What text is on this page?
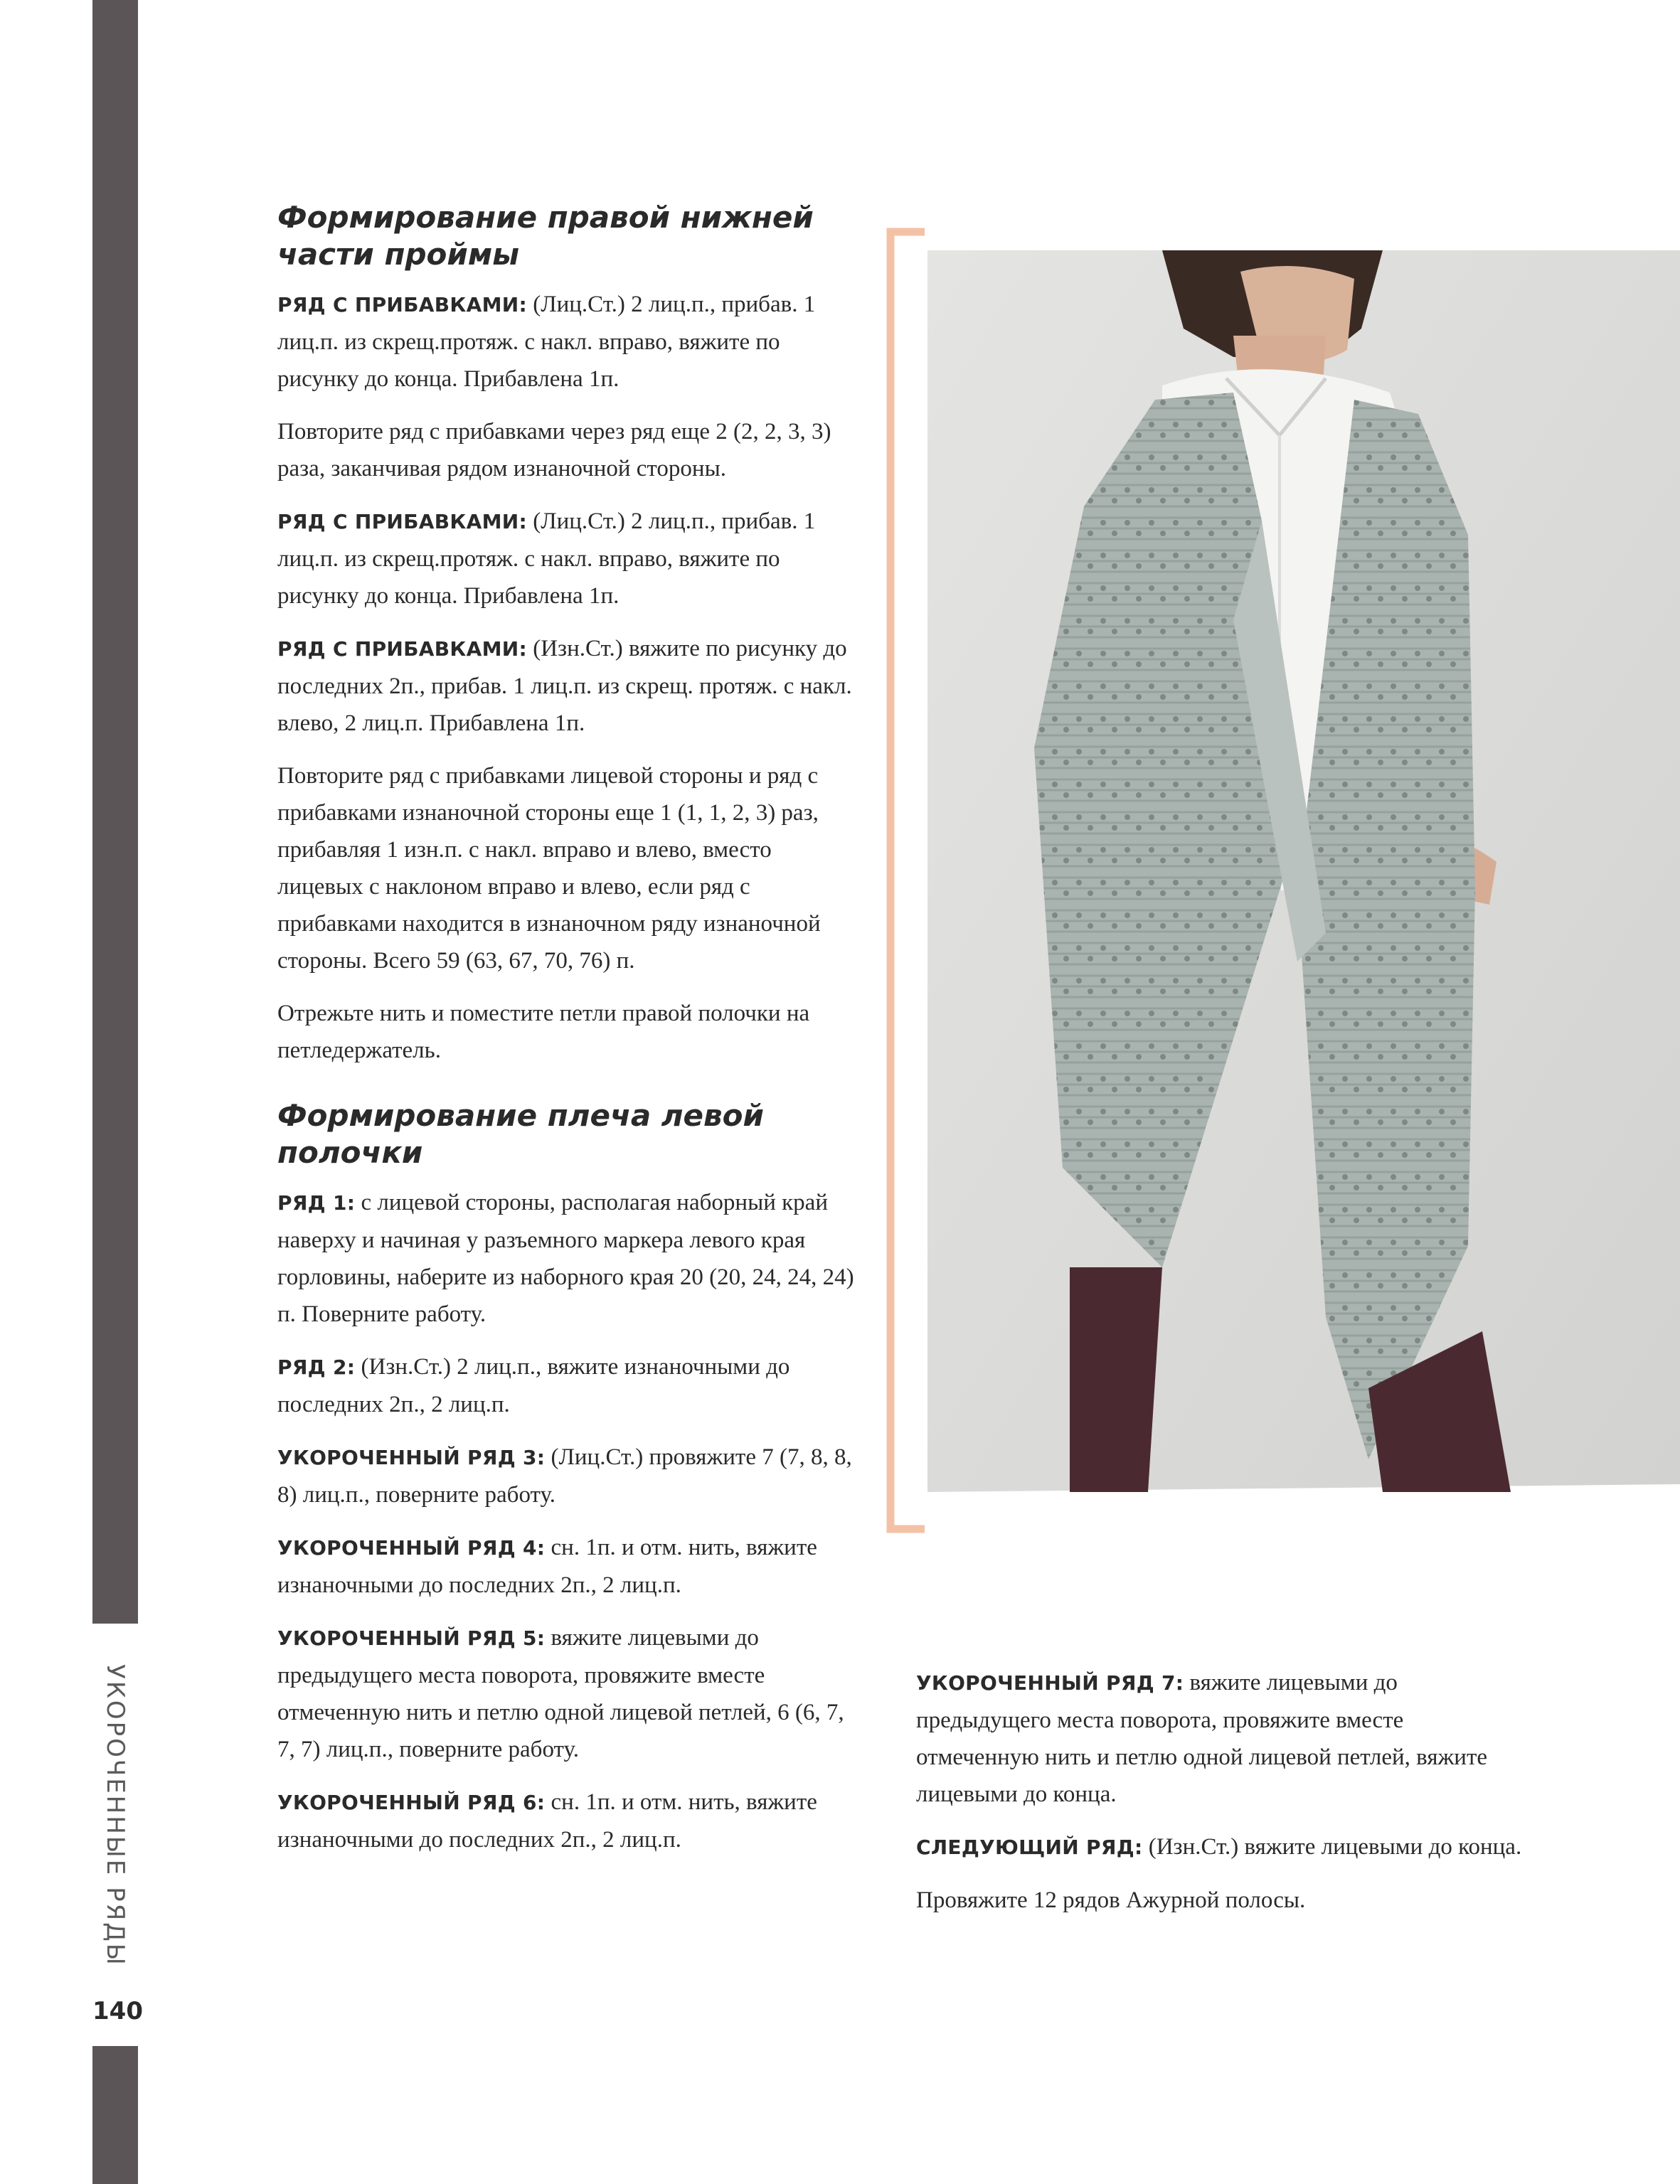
УКОРОЧЕННЫЕ РЯДЫ
140
Формирование правой нижней части проймы

РЯД С ПРИБАВКАМИ: (Лиц.Ст.) 2 лиц.п., прибав. 1 лиц.п. из скрещ.протяж. с накл. вправо, вяжите по рисунку до конца. Прибавлена 1п.

Повторите ряд с прибавками через ряд еще 2 (2, 2, 3, 3) раза, заканчивая рядом изнаночной стороны.

РЯД С ПРИБАВКАМИ: (Лиц.Ст.) 2 лиц.п., прибав. 1 лиц.п. из скрещ.протяж. с накл. вправо, вяжите по рисунку до конца. Прибавлена 1п.

РЯД С ПРИБАВКАМИ: (Изн.Ст.) вяжите по рисунку до последних 2п., прибав. 1 лиц.п. из скрещ. протяж. с накл. влево, 2 лиц.п. Прибавлена 1п.

Повторите ряд с прибавками лицевой стороны и ряд с прибавками изнаночной стороны еще 1 (1, 1, 2, 3) раз, прибавляя 1 изн.п. с накл. вправо и влево, вместо лицевых с наклоном вправо и влево, если ряд с прибавками находится в изнаночном ряду изнаночной стороны. Всего 59 (63, 67, 70, 76) п.

Отрежьте нить и поместите петли правой полочки на петледержатель.

Формирование плеча левой полочки

РЯД 1: с лицевой стороны, располагая наборный край наверху и начиная у разъемного маркера левого края горловины, наберите из наборного края 20 (20, 24, 24, 24) п. Поверните работу.

РЯД 2: (Изн.Ст.) 2 лиц.п., вяжите изнаночными до последних 2п., 2 лиц.п.

УКОРОЧЕННЫЙ РЯД 3: (Лиц.Ст.) провяжите 7 (7, 8, 8, 8) лиц.п., поверните работу.

УКОРОЧЕННЫЙ РЯД 4: сн. 1п. и отм. нить, вяжите изнаночными до последних 2п., 2 лиц.п.

УКОРОЧЕННЫЙ РЯД 5: вяжите лицевыми до предыдущего места поворота, провяжите вместе отмеченную нить и петлю одной лицевой петлей, 6 (6, 7, 7, 7) лиц.п., поверните работу.

УКОРОЧЕННЫЙ РЯД 6: сн. 1п. и отм. нить, вяжите изнаночными до последних 2п., 2 лиц.п.

УКОРОЧЕННЫЙ РЯД 7: вяжите лицевыми до предыдущего места поворота, провяжите вместе отмеченную нить и петлю одной лицевой петлей, вяжите лицевыми до конца.

СЛЕДУЮЩИЙ РЯД: (Изн.Ст.) вяжите лицевыми до конца.

Провяжите 12 рядов Ажурной полосы.
